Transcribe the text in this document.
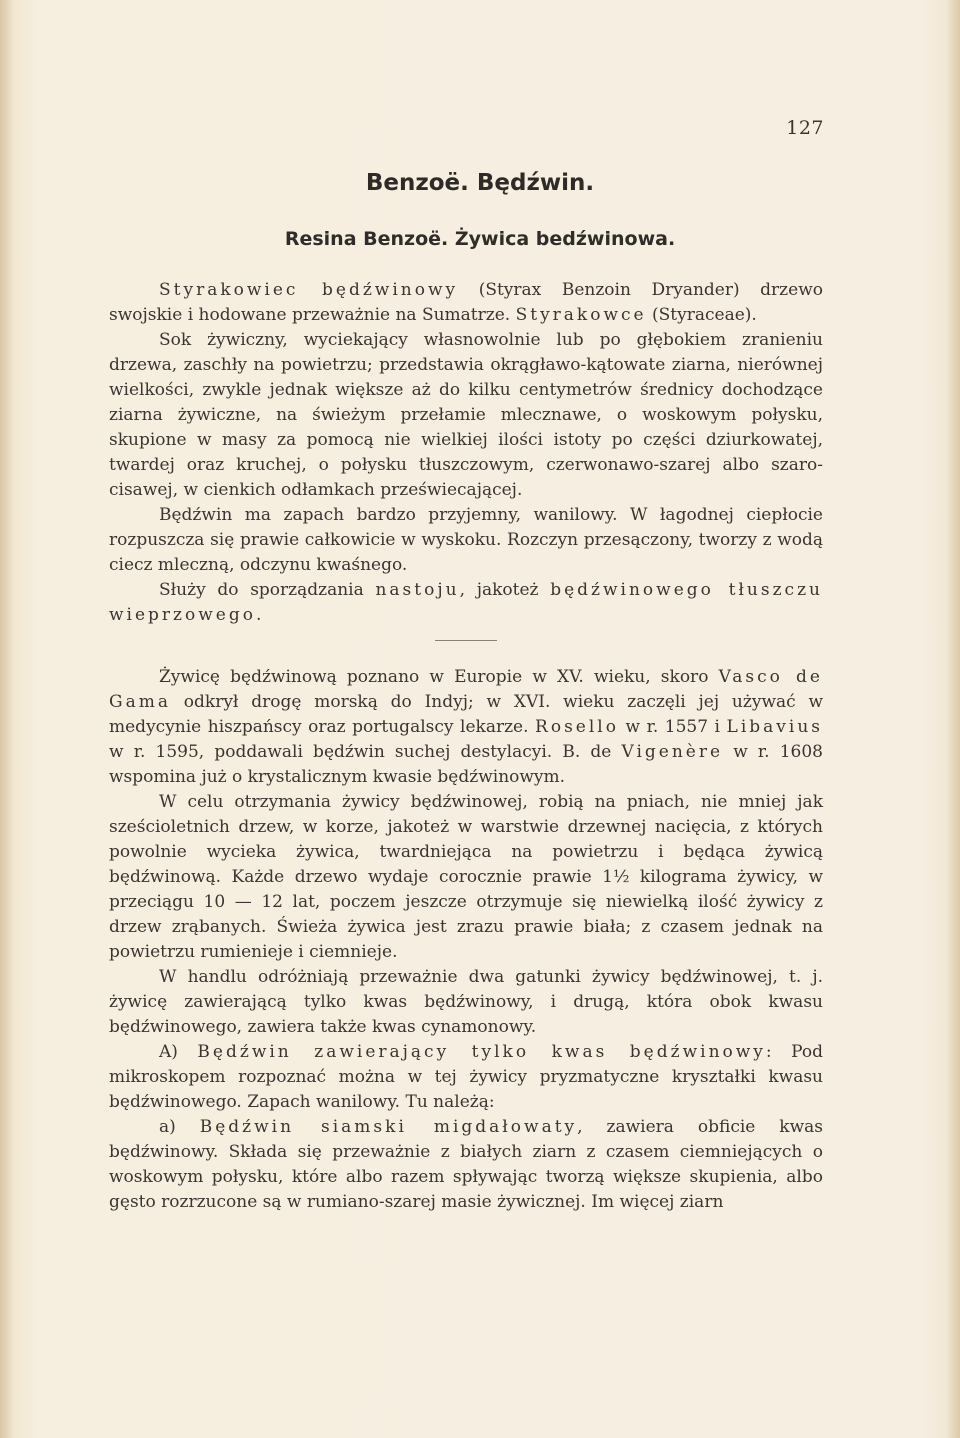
127
Benzoë. Będźwin.
Resina Benzoë. Żywica bedźwinowa.

Styrakowiec będźwinowy (Styrax Benzoin Dryander) drzewo swojskie i hodowane przeważnie na Sumatrze. Styrakowce (Styraceae).

Sok żywiczny, wyciekający własnowolnie lub po głębokiem zranieniu drzewa, zaschły na powietrzu; przedstawia okrągławo-kątowate ziarna, nierównej wielkości, zwykle jednak większe aż do kilku centymetrów średnicy dochodzące ziarna żywiczne, na świeżym przełamie mlecznawe, o woskowym połysku, skupione w masy za pomocą nie wielkiej ilości istoty po części dziurkowatej, twardej oraz kruchej, o połysku tłuszczowym, czerwonawo-szarej albo szaro-cisawej, w cienkich odłamkach przeświecającej.

Będźwin ma zapach bardzo przyjemny, wanilowy. W łagodnej ciepłocie rozpuszcza się prawie całkowicie w wyskoku. Rozczyn przesączony, tworzy z wodą ciecz mleczną, odczynu kwaśnego.

Służy do sporządzania nastoju, jakoteż będźwinowego tłuszczu wieprzowego.

Żywicę będźwinową poznano w Europie w XV. wieku, skoro Vasco de Gama odkrył drogę morską do Indyj; w XVI. wieku zaczęli jej używać w medycynie hiszpańscy oraz portugalscy lekarze. Rosello w r. 1557 i Libavius w r. 1595, poddawali będźwin suchej destylacyi. B. de Vigenère w r. 1608 wspomina już o krystalicznym kwasie będźwinowym.

W celu otrzymania żywicy będźwinowej, robią na pniach, nie mniej jak sześcioletnich drzew, w korze, jakoteż w warstwie drzewnej nacięcia, z których powolnie wycieka żywica, twardniejąca na powietrzu i będąca żywicą będźwinową. Każde drzewo wydaje corocznie prawie 1½ kilograma żywicy, w przeciągu 10 — 12 lat, poczem jeszcze otrzymuje się niewielką ilość żywicy z drzew zrąbanych. Świeża żywica jest zrazu prawie biała; z czasem jednak na powietrzu rumienieje i ciemnieje.

W handlu odróżniają przeważnie dwa gatunki żywicy będźwinowej, t. j. żywicę zawierającą tylko kwas będźwinowy, i drugą, która obok kwasu będźwinowego, zawiera także kwas cynamonowy.

A) Będźwin zawierający tylko kwas będźwinowy: Pod mikroskopem rozpoznać można w tej żywicy pryzmatyczne kryształki kwasu będźwinowego. Zapach wanilowy. Tu należą:

a) Będźwin siamski migdałowaty, zawiera obficie kwas będźwinowy. Składa się przeważnie z białych ziarn z czasem ciemniejących o woskowym połysku, które albo razem spływając tworzą większe skupienia, albo gęsto rozrzucone są w rumiano-szarej masie żywicznej. Im więcej ziarn
